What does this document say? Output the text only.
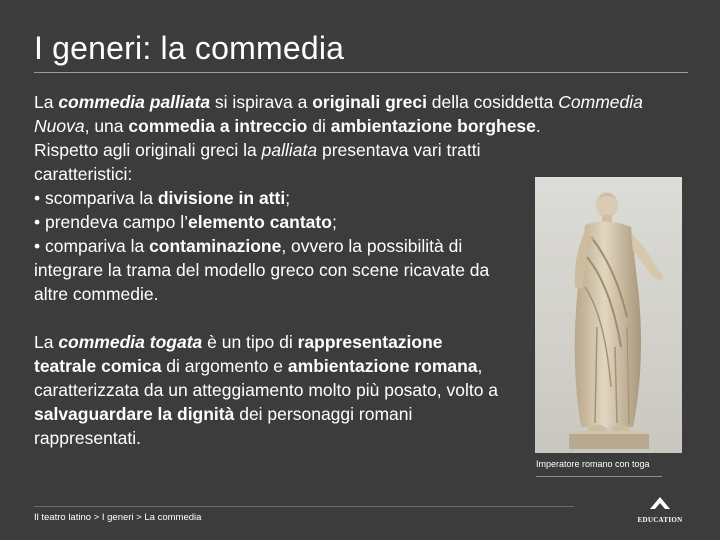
I generi: la commedia

La commedia palliata si ispirava a originali greci della cosiddetta Commedia Nuova, una commedia a intreccio di ambientazione borghese.

Rispetto agli originali greci la palliata presentava vari tratti caratteristici:

• scompariva la divisione in atti;

• prendeva campo l’elemento cantato;

• compariva la contaminazione, ovvero la possibilità di integrare la trama del modello greco con scene ricavate da altre commedie.

La commedia togata è un tipo di rappresentazione teatrale comica di argomento e ambientazione romana, caratterizzata da un atteggiamento molto più posato, volto a salvaguardare la dignità dei personaggi romani rappresentati.

Imperatore romano con toga
Il teatro latino > I generi > La commedia	EDUCATION
